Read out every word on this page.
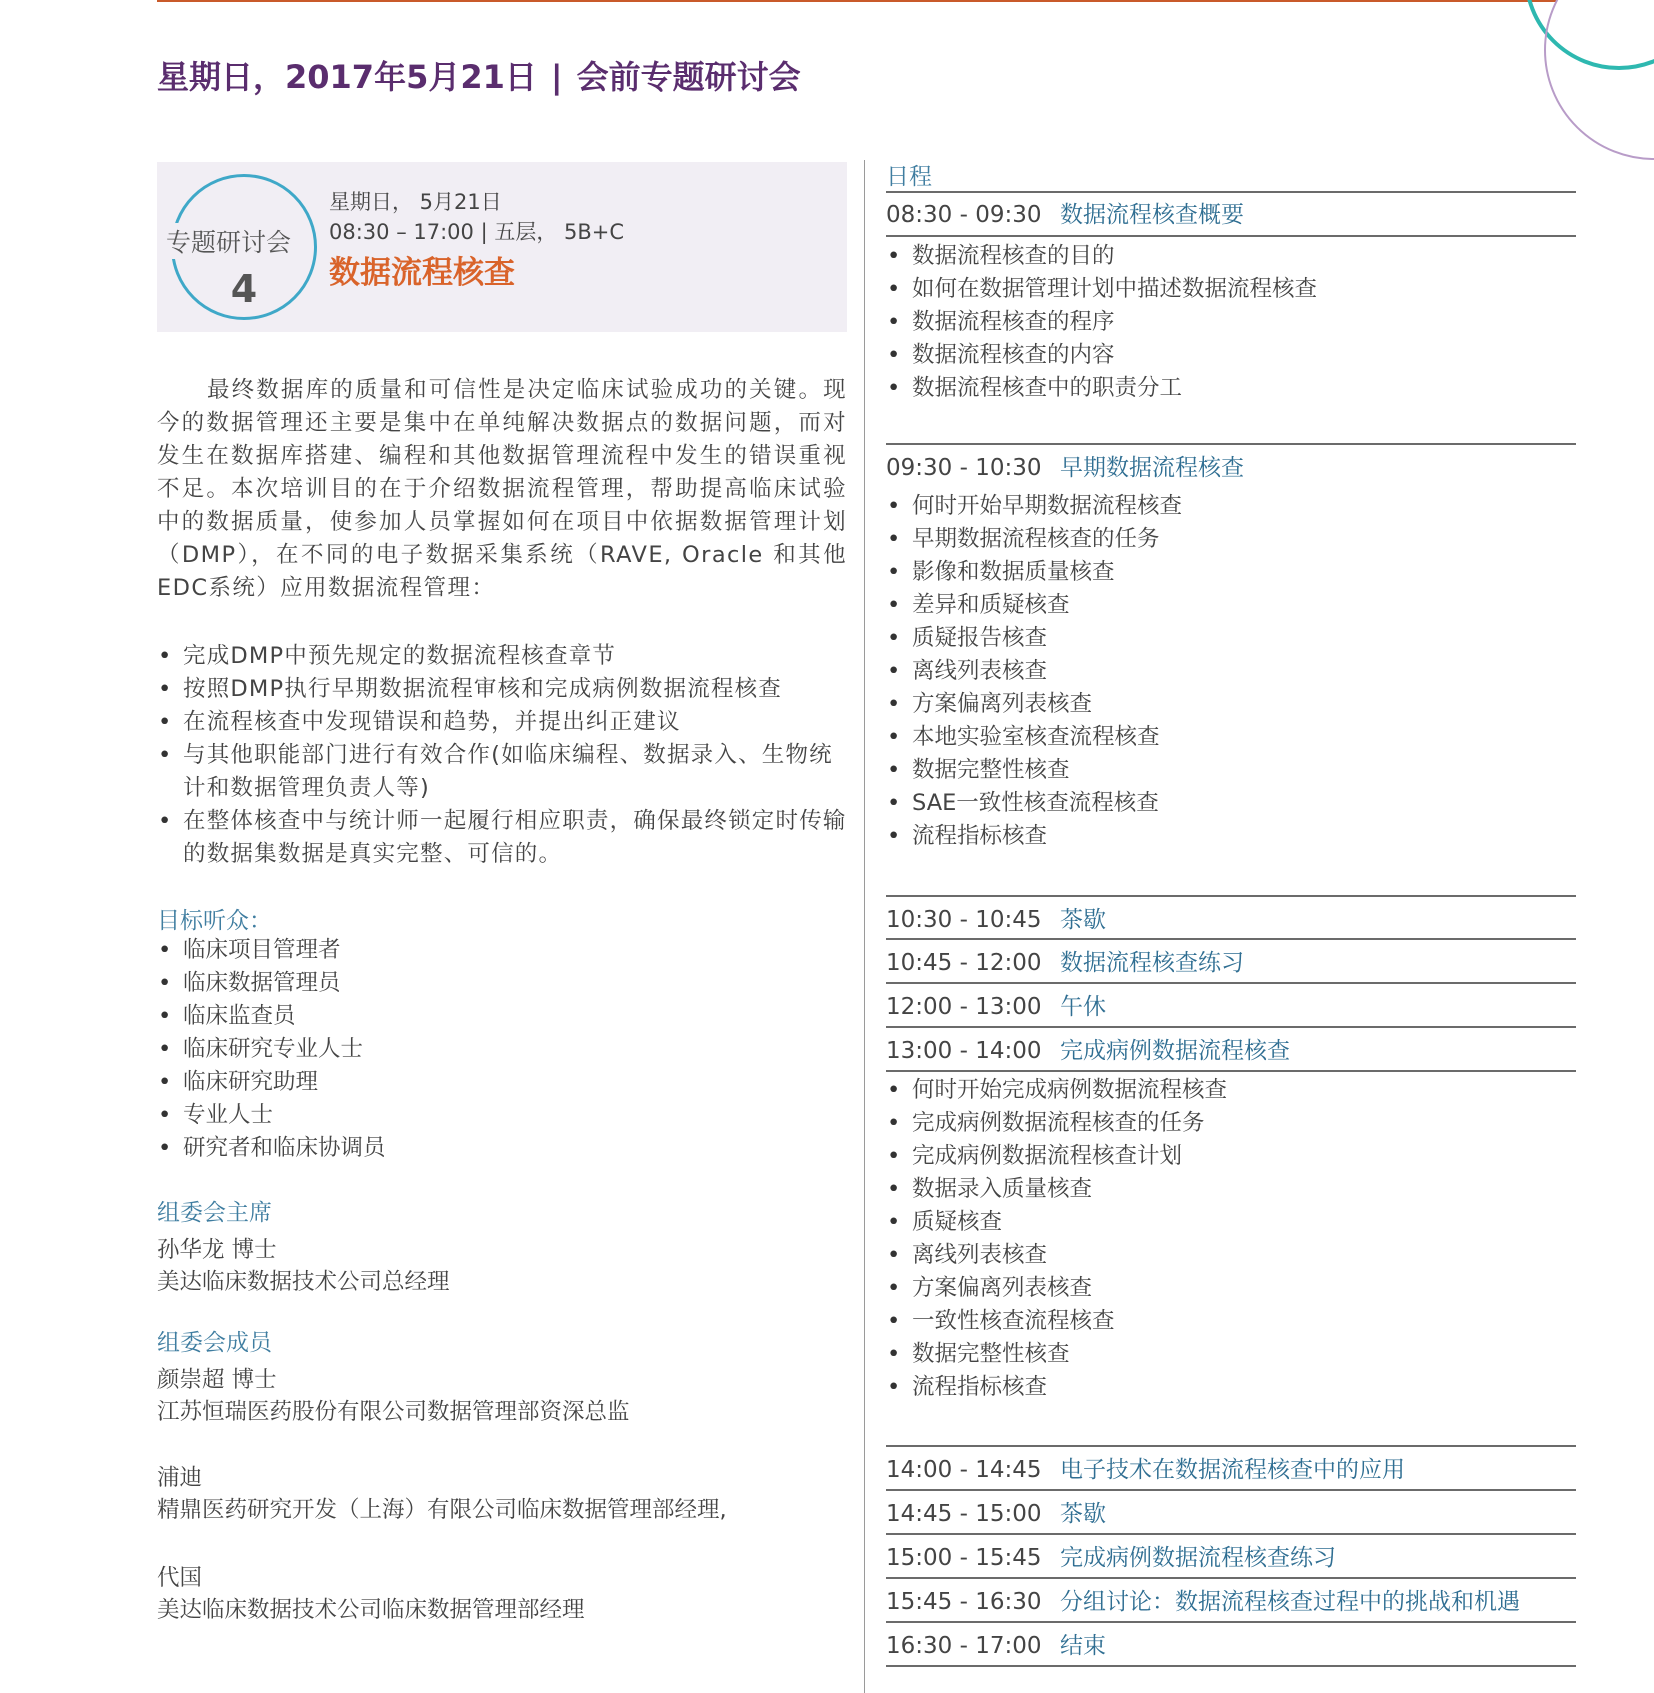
星期日，2017年5月21日 | 会前专题研讨会
专题研讨会
4
星期日， 5月21日
08:30 – 17:00 | 五层， 5B+C
数据流程核查

最终数据库的质量和可信性是决定临床试验成功的关键。现今的数据管理还主要是集中在单纯解决数据点的数据问题，而对发生在数据库搭建、编程和其他数据管理流程中发生的错误重视不足。本次培训目的在于介绍数据流程管理，帮助提高临床试验中的数据质量，使参加人员掌握如何在项目中依据数据管理计划（DMP），在不同的电子数据采集系统（RAVE, Oracle 和其他EDC系统）应用数据流程管理：

• 完成DMP中预先规定的数据流程核查章节
• 按照DMP执行早期数据流程审核和完成病例数据流程核查
• 在流程核查中发现错误和趋势，并提出纠正建议
• 与其他职能部门进行有效合作(如临床编程、数据录入、生物统计和数据管理负责人等)
• 在整体核查中与统计师一起履行相应职责，确保最终锁定时传输的数据集数据是真实完整、可信的。
目标听众：
• 临床项目管理者
• 临床数据管理员
• 临床监查员
• 临床研究专业人士
• 临床研究助理
• 专业人士
• 研究者和临床协调员
组委会主席
孙华龙 博士
美达临床数据技术公司总经理
组委会成员
颜崇超 博士
江苏恒瑞医药股份有限公司数据管理部资深总监
浦迪
精鼎医药研究开发（上海）有限公司临床数据管理部经理,
代国
美达临床数据技术公司临床数据管理部经理
日程
08:30 - 09:30 数据流程核查概要
• 数据流程核查的目的
• 如何在数据管理计划中描述数据流程核查
• 数据流程核查的程序
• 数据流程核查的内容
• 数据流程核查中的职责分工
09:30 - 10:30 早期数据流程核查
• 何时开始早期数据流程核查
• 早期数据流程核查的任务
• 影像和数据质量核查
• 差异和质疑核查
• 质疑报告核查
• 离线列表核查
• 方案偏离列表核查
• 本地实验室核查流程核查
• 数据完整性核查
• SAE一致性核查流程核查
• 流程指标核查
10:30 - 10:45 茶歇
10:45 - 12:00 数据流程核查练习
12:00 - 13:00 午休
13:00 - 14:00 完成病例数据流程核查
• 何时开始完成病例数据流程核查
• 完成病例数据流程核查的任务
• 完成病例数据流程核查计划
• 数据录入质量核查
• 质疑核查
• 离线列表核查
• 方案偏离列表核查
• 一致性核查流程核查
• 数据完整性核查
• 流程指标核查
14:00 - 14:45 电子技术在数据流程核查中的应用
14:45 - 15:00 茶歇
15:00 - 15:45 完成病例数据流程核查练习
15:45 - 16:30 分组讨论：数据流程核查过程中的挑战和机遇
16:30 - 17:00 结束
